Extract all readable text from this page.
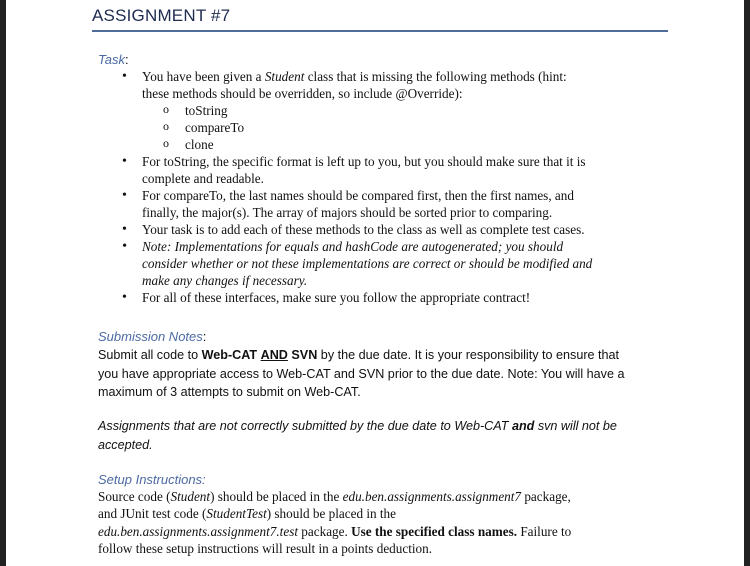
ASSIGNMENT #7
Task:
• You have been given a Student class that is missing the following methods (hint:
these methods should be overridden, so include @Override):
o toString
o compareTo
o clone
• For toString, the specific format is left up to you, but you should make sure that it is
complete and readable.
• For compareTo, the last names should be compared first, then the first names, and
finally, the major(s). The array of majors should be sorted prior to comparing.
• Your task is to add each of these methods to the class as well as complete test cases.
• Note: Implementations for equals and hashCode are autogenerated; you should
consider whether or not these implementations are correct or should be modified and
make any changes if necessary.
• For all of these interfaces, make sure you follow the appropriate contract!
Submission Notes:
Submit all code to Web-CAT AND SVN by the due date. It is your responsibility to ensure that
you have appropriate access to Web-CAT and SVN prior to the due date. Note: You will have a
maximum of 3 attempts to submit on Web-CAT.
Assignments that are not correctly submitted by the due date to Web-CAT and svn will not be
accepted.
Setup Instructions:
Source code (Student) should be placed in the edu.ben.assignments.assignment7 package,
and JUnit test code (StudentTest) should be placed in the
edu.ben.assignments.assignment7.test package. Use the specified class names. Failure to
follow these setup instructions will result in a points deduction.
